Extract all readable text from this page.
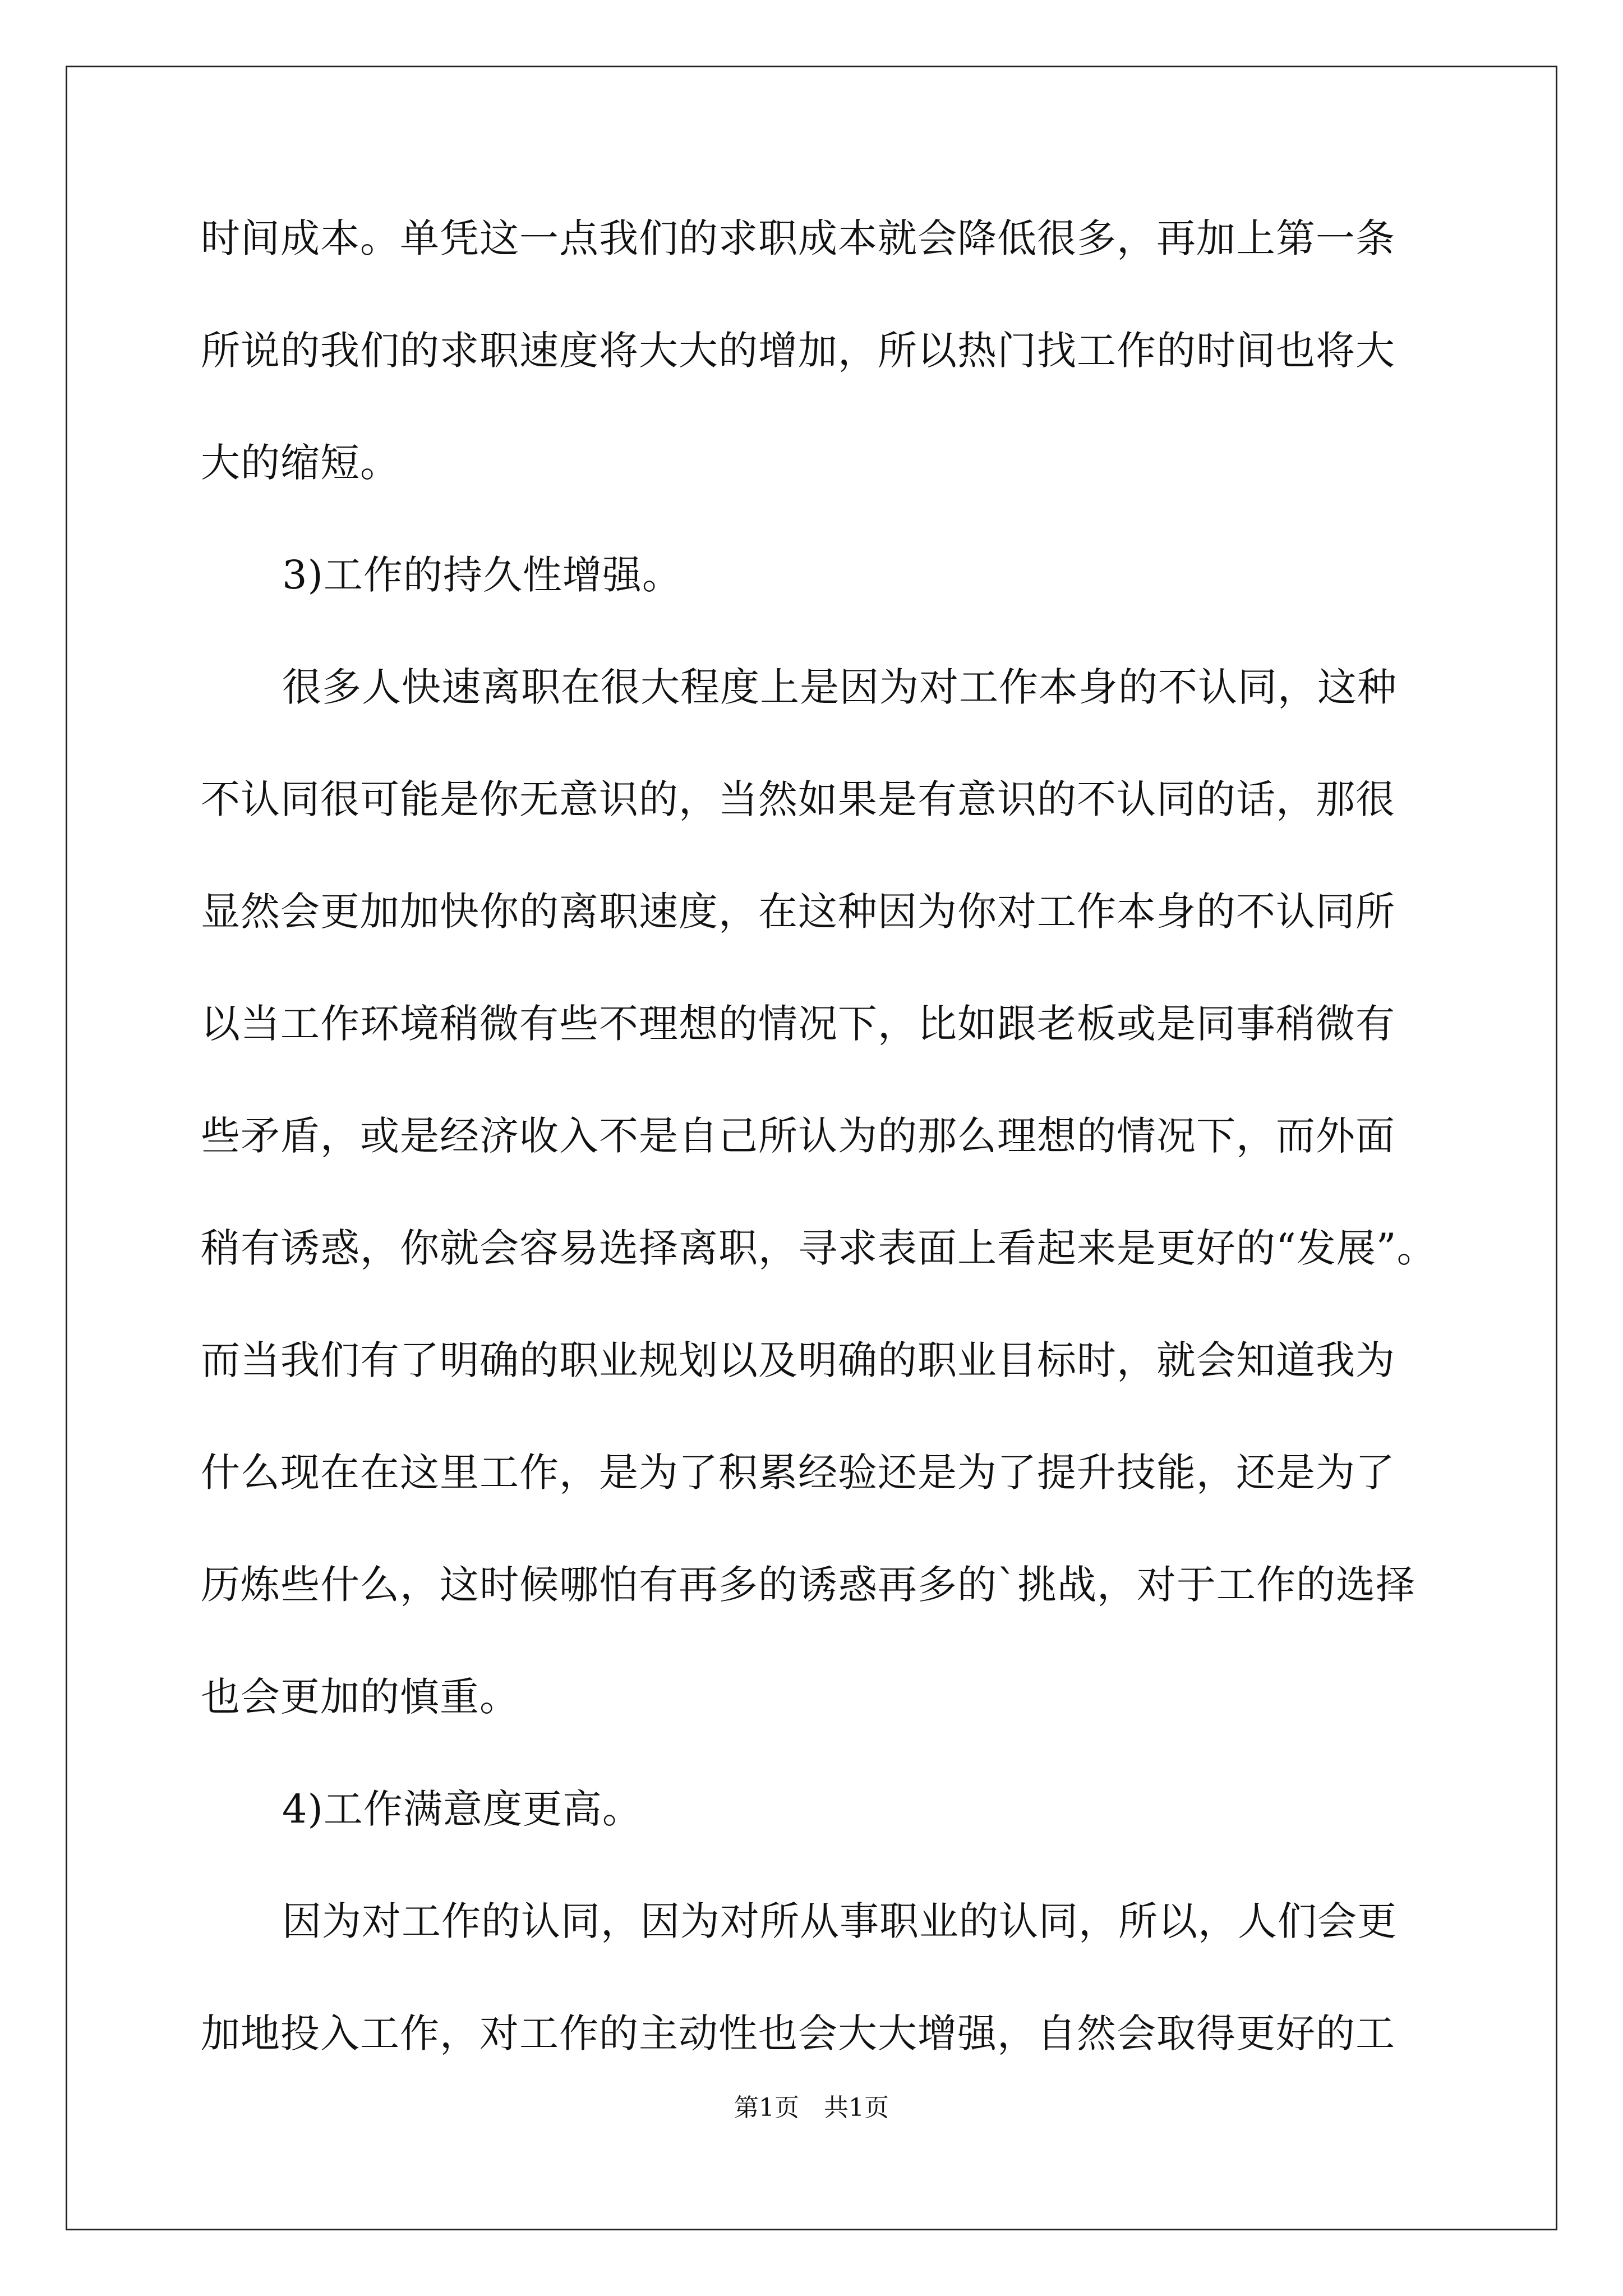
时间成本。单凭这一点我们的求职成本就会降低很多，再加上第一条
所说的我们的求职速度将大大的增加，所以热门找工作的时间也将大
大的缩短。
3)工作的持久性增强。
很多人快速离职在很大程度上是因为对工作本身的不认同，这种
不认同很可能是你无意识的，当然如果是有意识的不认同的话，那很
显然会更加加快你的离职速度，在这种因为你对工作本身的不认同所
以当工作环境稍微有些不理想的情况下，比如跟老板或是同事稍微有
些矛盾，或是经济收入不是自己所认为的那么理想的情况下，而外面
稍有诱惑，你就会容易选择离职，寻求表面上看起来是更好的“发展”。
而当我们有了明确的职业规划以及明确的职业目标时，就会知道我为
什么现在在这里工作，是为了积累经验还是为了提升技能，还是为了
历炼些什么，这时候哪怕有再多的诱惑再多的`挑战，对于工作的选择
也会更加的慎重。
4)工作满意度更高。
因为对工作的认同，因为对所从事职业的认同，所以，人们会更
加地投入工作，对工作的主动性也会大大增强，自然会取得更好的工
第1页　共1页
